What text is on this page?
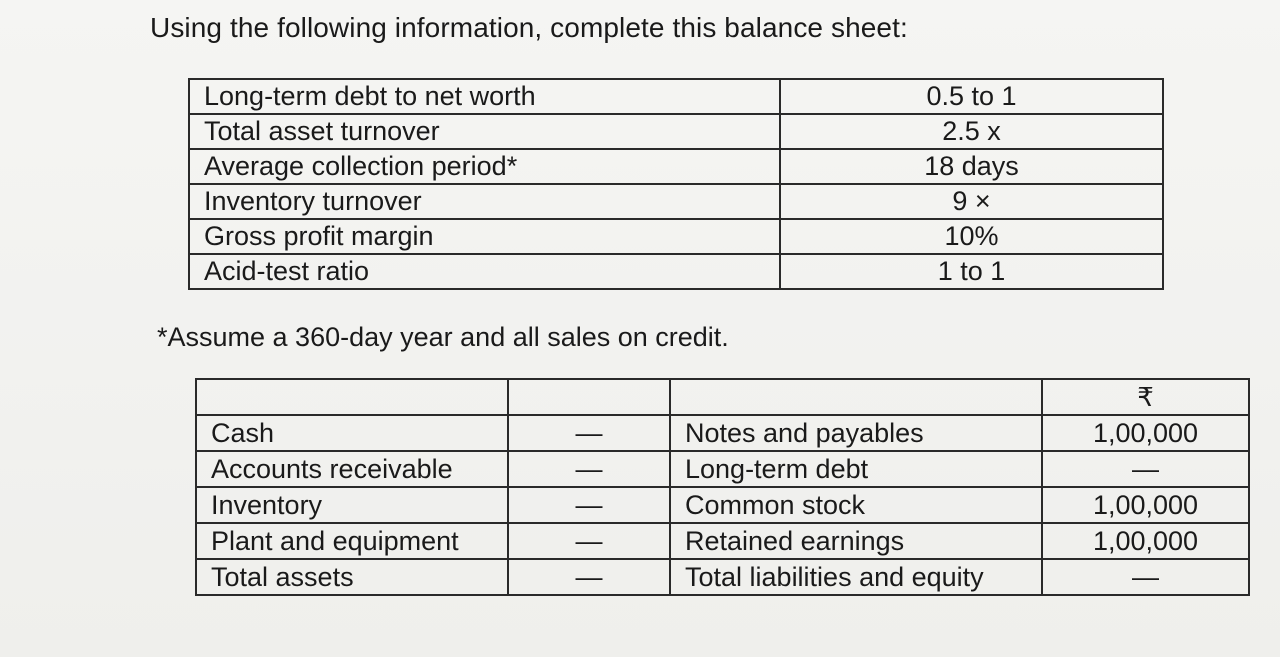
Using the following information, complete this balance sheet:
Long-term debt to net worth	0.5 to 1
Total asset turnover	2.5 x
Average collection period*	18 days
Inventory turnover	9 ×
Gross profit margin	10%
Acid-test ratio	1 to 1
*Assume a 360-day year and all sales on credit.
			₹
Cash	—	Notes and payables	1,00,000
Accounts receivable	—	Long-term debt	—
Inventory	—	Common stock	1,00,000
Plant and equipment	—	Retained earnings	1,00,000
Total assets	—	Total liabilities and equity	—
